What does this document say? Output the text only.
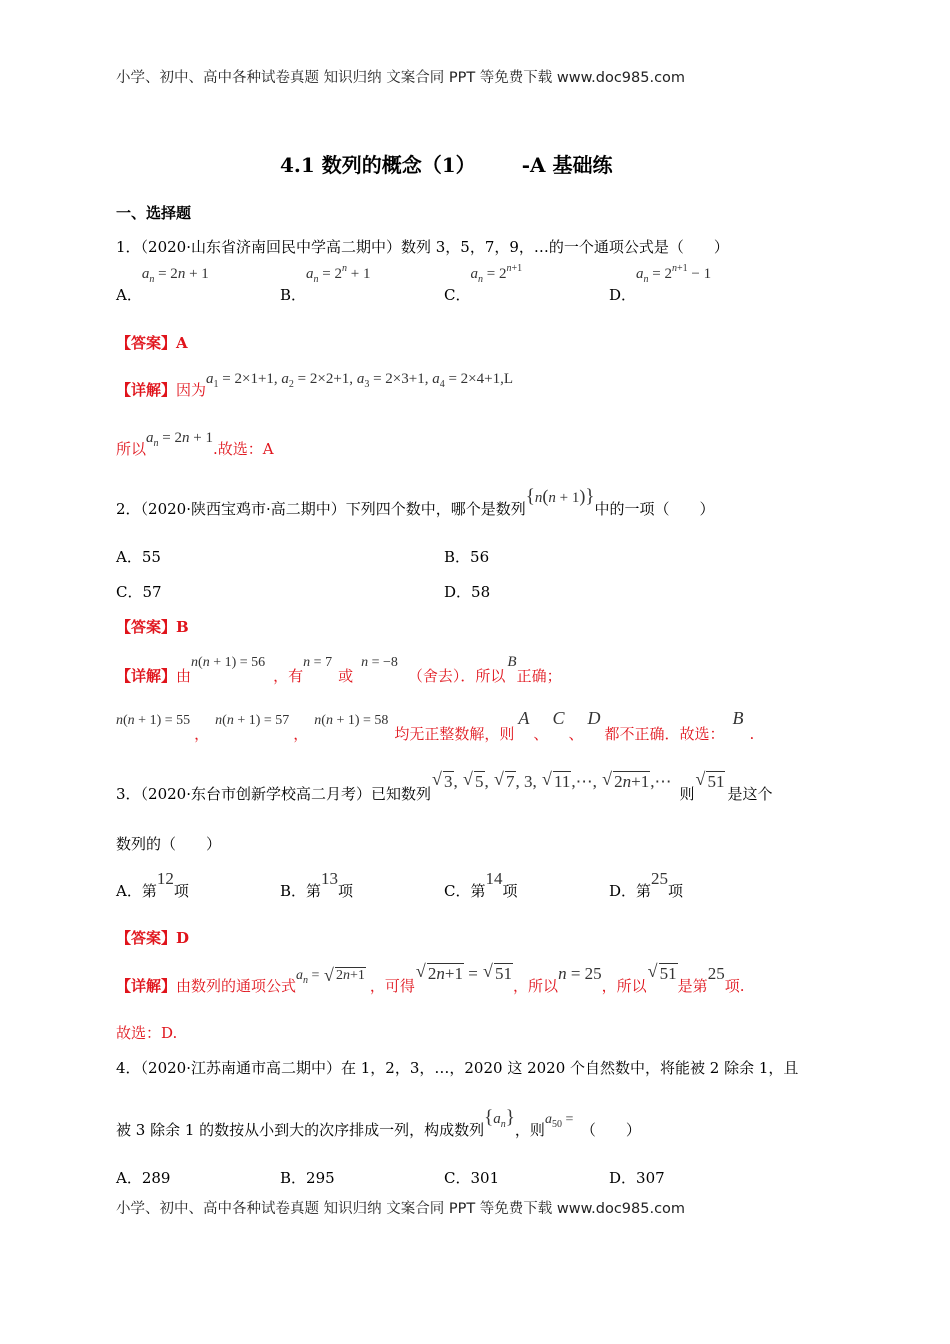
小学、初中、高中各种试卷真题 知识归纳 文案合同 PPT 等免费下载 www.doc985.com
4.1 数列的概念（1） -A 基础练
一、选择题
1．（2020·山东省济南回民中学高二期中）数列 3，5，7，9，…的一个通项公式是（　　）
A．$a_n = 2n + 1$
B．$a_n = 2^n + 1$
C．$a_n = 2^{n+1}$
D．$a_n = 2^{n+1} - 1$
【答案】A
【详解】因为$a_1 = 2\times 1+1$, $a_2 = 2\times 2+1$, $a_3 = 2\times 3+1$, $a_4 = 2\times 4+1,L$
所以$a_n = 2n + 1$.故选：A
2．（2020·陕西宝鸡市·高二期中）下列四个数中，哪个是数列{n(n + 1)}中的一项（　　）
A．55	B．56
C．57	D．58
【答案】B
【详解】由n(n + 1) = 56，有n = 7或n = −8（舍去）．所以B正确；
n(n + 1) = 55，n(n + 1) = 57，n(n + 1) = 58均无正整数解，则A、C、D都不正确．故选：B.
3．（2020·东台市创新学校高二月考）已知数列√ 3, √ 5, √ 7, 3, √ 11,⋯, √ 2n+1,⋯则√ 51是这个
数列的（　　）
A．第12项	B．第13项	C．第14项	D．第25项
【答案】D
【详解】由数列的通项公式$a_n$ = √ 2n+1，可得√ 2n+1 = √ 51，所以n = 25，所以√ 51是第25项.
故选：D.
4．（2020·江苏南通市高二期中）在 1，2，3，…，2020 这 2020 个自然数中，将能被 2 除余 1，且
被 3 除余 1 的数按从小到大的次序排成一列，构成数列$\{a_n\}$，则$a_{50}$ = （　　）
A．289	B．295	C．301	D．307
小学、初中、高中各种试卷真题 知识归纳 文案合同 PPT 等免费下载 www.doc985.com
